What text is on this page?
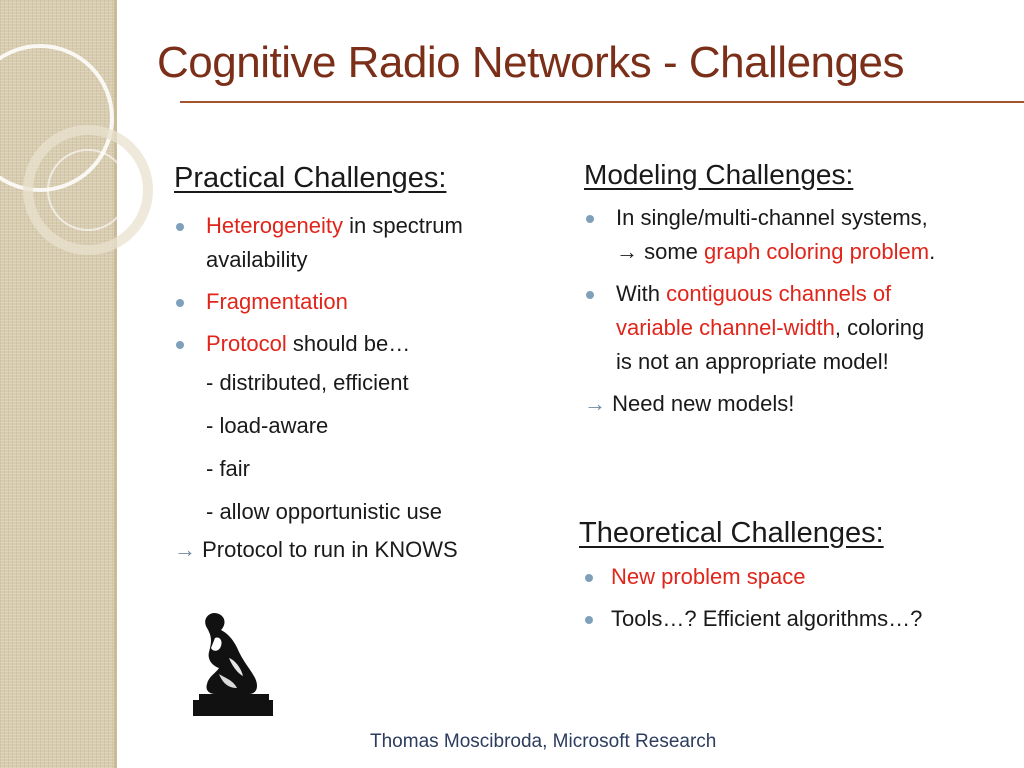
Cognitive Radio Networks - Challenges
Practical Challenges:
Heterogeneity in spectrum
availability
Fragmentation
Protocol should be…
- distributed, efficient
- load-aware
- fair
- allow opportunistic use
→ Protocol to run in KNOWS
Modeling Challenges:
In single/multi-channel systems,
→ some graph coloring problem.
With contiguous channels of
variable channel-width, coloring
is not an appropriate model!
→ Need new models!
Theoretical Challenges:
New problem space
Tools…? Efficient algorithms…?
Thomas Moscibroda, Microsoft Research
